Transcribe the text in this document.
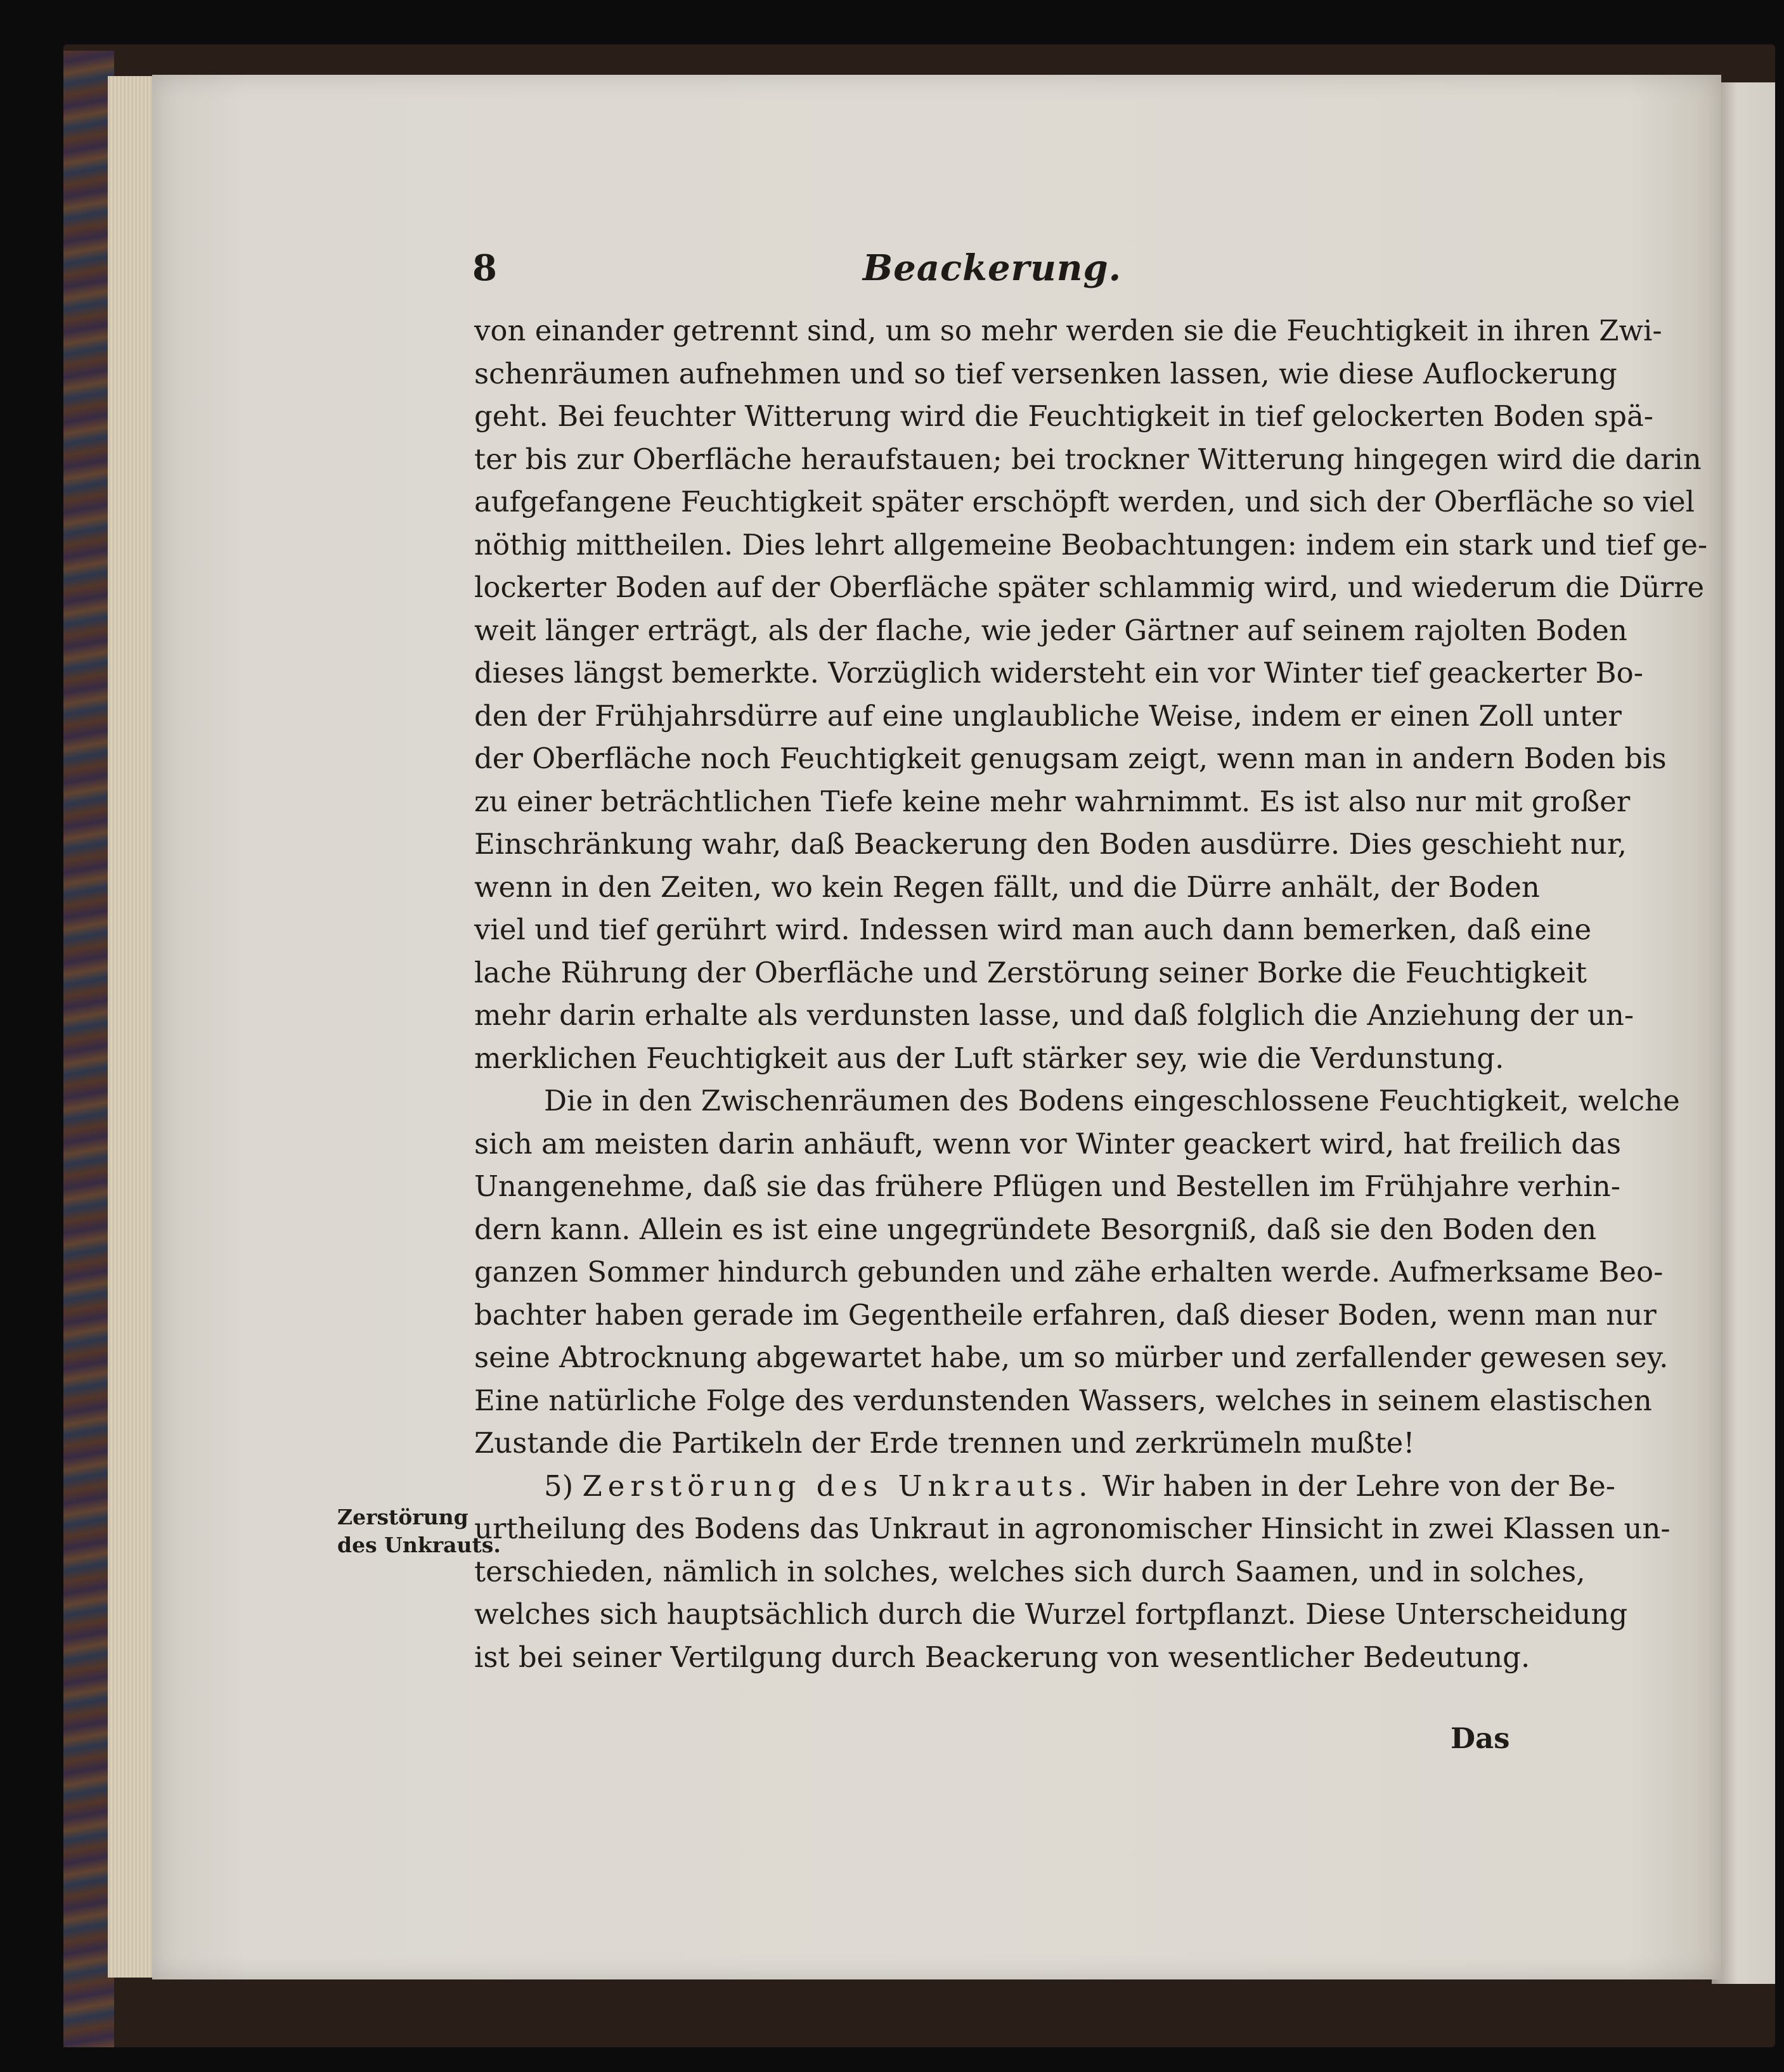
8	Beackerung.
Zerstörung
des Unkrauts.
von einander getrennt sind, um so mehr werden sie die Feuchtigkeit in ihren Zwi-
schenräumen aufnehmen und so tief versenken lassen, wie diese Auflockerung
geht. Bei feuchter Witterung wird die Feuchtigkeit in tief gelockerten Boden spä-
ter bis zur Oberfläche heraufstauen; bei trockner Witterung hingegen wird die darin
aufgefangene Feuchtigkeit später erschöpft werden, und sich der Oberfläche so viel
nöthig mittheilen. Dies lehrt allgemeine Beobachtungen: indem ein stark und tief ge-
lockerter Boden auf der Oberfläche später schlammig wird, und wiederum die Dürre
weit länger erträgt, als der flache, wie jeder Gärtner auf seinem rajolten Boden
dieses längst bemerkte. Vorzüglich widersteht ein vor Winter tief geackerter Bo-
den der Frühjahrsdürre auf eine unglaubliche Weise, indem er einen Zoll unter
der Oberfläche noch Feuchtigkeit genugsam zeigt, wenn man in andern Boden bis
zu einer beträchtlichen Tiefe keine mehr wahrnimmt. Es ist also nur mit großer
Einschränkung wahr, daß Beackerung den Boden ausdürre. Dies geschieht nur,
wenn in den Zeiten, wo kein Regen fällt, und die Dürre anhält, der Boden
viel und tief gerührt wird. Indessen wird man auch dann bemerken, daß eine
lache Rührung der Oberfläche und Zerstörung seiner Borke die Feuchtigkeit
mehr darin erhalte als verdunsten lasse, und daß folglich die Anziehung der un-
merklichen Feuchtigkeit aus der Luft stärker sey, wie die Verdunstung.
Die in den Zwischenräumen des Bodens eingeschlossene Feuchtigkeit, welche
sich am meisten darin anhäuft, wenn vor Winter geackert wird, hat freilich das
Unangenehme, daß sie das frühere Pflügen und Bestellen im Frühjahre verhin-
dern kann. Allein es ist eine ungegründete Besorgniß, daß sie den Boden den
ganzen Sommer hindurch gebunden und zähe erhalten werde. Aufmerksame Beo-
bachter haben gerade im Gegentheile erfahren, daß dieser Boden, wenn man nur
seine Abtrocknung abgewartet habe, um so mürber und zerfallender gewesen sey.
Eine natürliche Folge des verdunstenden Wassers, welches in seinem elastischen
Zustande die Partikeln der Erde trennen und zerkrümeln mußte!
5) Zerstörung des Unkrauts. Wir haben in der Lehre von der Be-
urtheilung des Bodens das Unkraut in agronomischer Hinsicht in zwei Klassen un-
terschieden, nämlich in solches, welches sich durch Saamen, und in solches,
welches sich hauptsächlich durch die Wurzel fortpflanzt. Diese Unterscheidung
ist bei seiner Vertilgung durch Beackerung von wesentlicher Bedeutung.
Das
